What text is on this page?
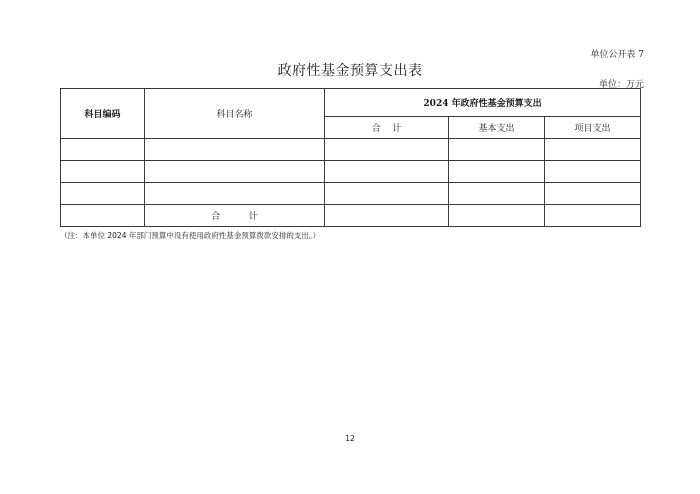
单位公开表 7
政府性基金预算支出表
单位：万元
科目编码	科目名称	2024 年政府性基金预算支出		
		合    计	基本支出	项目支出

	合          计			
（注：本单位 2024 年部门预算中没有使用政府性基金预算拨款安排的支出。）
12
